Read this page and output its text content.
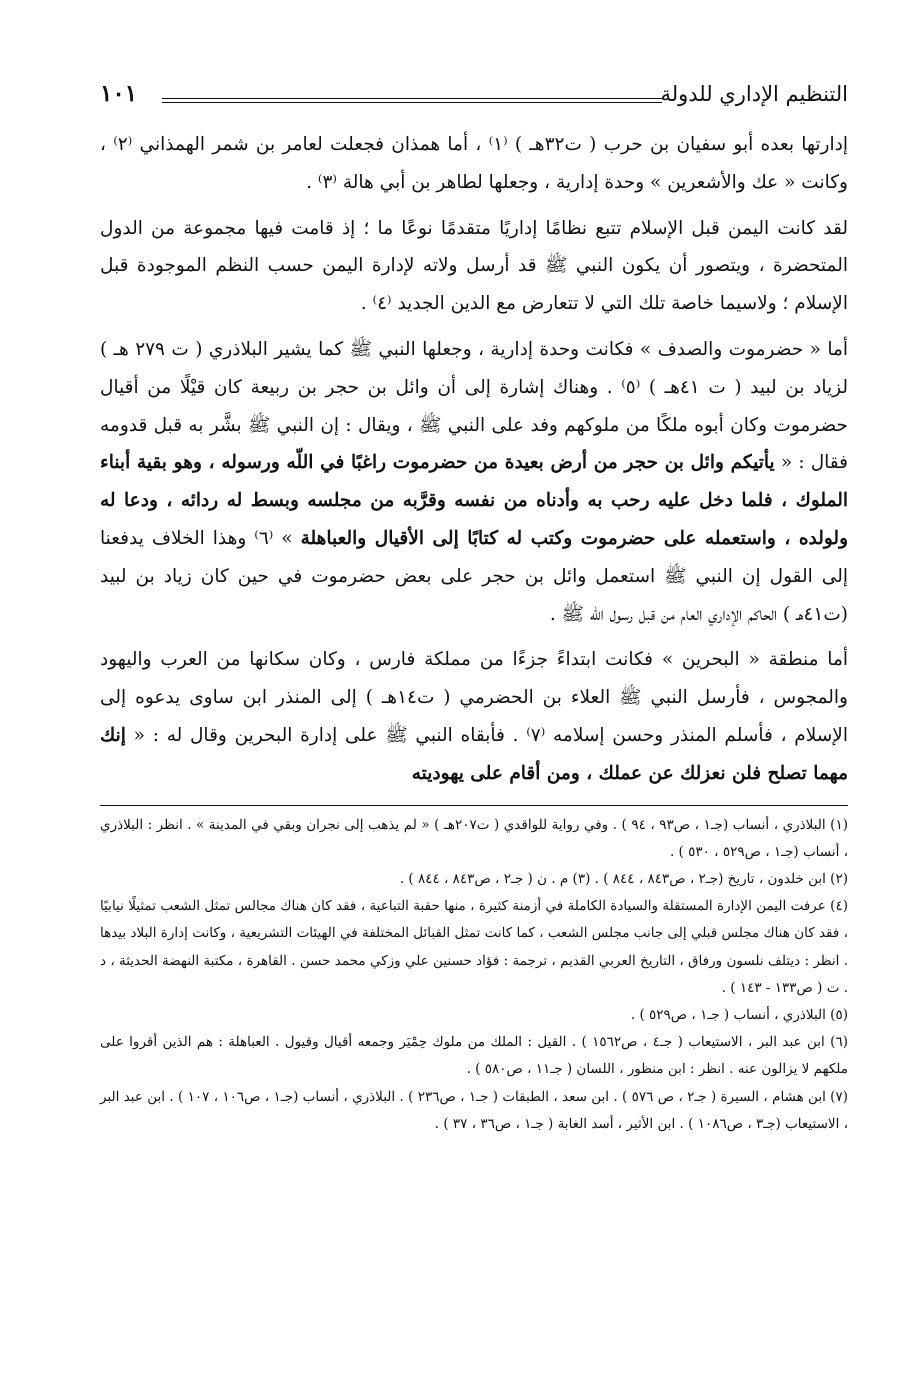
التنظيم الإداري للدولة
١٠١

إدارتها بعده أبو سفيان بن حرب ( ت٣٢هـ ) ⁽١⁾ ، أما همذان فجعلت لعامر بن شمر الهمذاني ⁽٢⁾ ، وكانت « عك والأشعرين » وحدة إدارية ، وجعلها لطاهر بن أبي هالة ⁽٣⁾ .

لقد كانت اليمن قبل الإسلام تتبع نظامًا إداريًا متقدمًا نوعًا ما ؛ إذ قامت فيها مجموعة من الدول المتحضرة ، ويتصور أن يكون النبي ﷺ قد أرسل ولاته لإدارة اليمن حسب النظم الموجودة قبل الإسلام ؛ ولاسيما خاصة تلك التي لا تتعارض مع الدين الجديد ⁽٤⁾ .

أما « حضرموت والصدف » فكانت وحدة إدارية ، وجعلها النبي ﷺ كما يشير البلاذري ( ت ٢٧٩ هـ ) لزياد بن لبيد ( ت ٤١هـ ) ⁽٥⁾ . وهناك إشارة إلى أن وائل بن حجر بن ربيعة كان قيْلًا من أقيال حضرموت وكان أبوه ملكًا من ملوكهم وفد على النبي ﷺ ، ويقال : إن النبي ﷺ بشَّر به قبل قدومه فقال : « يأتيكم وائل بن حجر من أرض بعيدة من حضرموت راغبًا في اللّه ورسوله ، وهو بقية أبناء الملوك ، فلما دخل عليه رحب به وأدناه من نفسه وقرَّبه من مجلسه وبسط له ردائه ، ودعا له ولولده ، واستعمله على حضرموت وكتب له كتابًا إلى الأقيال والعباهلة » ⁽٦⁾ وهذا الخلاف يدفعنا إلى القول إن النبي ﷺ استعمل وائل بن حجر على بعض حضرموت في حين كان زياد بن لبيد (ت٤١هـ ) الحاكم الإداري العام من قبل رسول اللّه ﷺ .

أما منطقة « البحرين » فكانت ابتداءً جزءًا من مملكة فارس ، وكان سكانها من العرب واليهود والمجوس ، فأرسل النبي ﷺ العلاء بن الحضرمي ( ت١٤هـ ) إلى المنذر ابن ساوى يدعوه إلى الإسلام ، فأسلم المنذر وحسن إسلامه ⁽٧⁾ . فأبقاه النبي ﷺ على إدارة البحرين وقال له : « إنك مهما تصلح فلن نعزلك عن عملك ، ومن أقام على يهوديته

(١) البلاذري ، أنساب (جـ١ ، ص٩٣ ، ٩٤ ) . وفي رواية للواقدي ( ت٢٠٧هـ ) « لم يذهب إلى نجران وبقي في المدينة » . انظر : البلاذري ، أنساب (جـ١ ، ص٥٢٩ ، ٥٣٠ ) .

(٢) ابن خلدون ، تاريخ (جـ٢ ، ص٨٤٣ ، ٨٤٤ ) . (٣) م . ن ( جـ٢ ، ص٨٤٣ ، ٨٤٤ ) .

(٤) عرفت اليمن الإدارة المستقلة والسيادة الكاملة في أزمنة كثيرة ، منها حقبة التباعية ، فقد كان هناك مجالس تمثل الشعب تمثيلًا نيابيًا ، فقد كان هناك مجلس قبلي إلى جانب مجلس الشعب ، كما كانت تمثل القبائل المختلفة في الهيئات التشريعية ، وكانت إدارة البلاد بيدها . انظر : ديتلف نلسون ورفاق ، التاريخ العربي القديم ، ترجمة : فؤاد حسنين علي وزكي محمد حسن . القاهرة ، مكتبة النهضة الحديثة ، د . ت ( ص١٣٣ - ١٤٣ ) .

(٥) البلاذري ، أنساب ( جـ١ ، ص٥٢٩ ) .

(٦) ابن عبد البر ، الاستيعاب ( جـ٤ ، ص١٥٦٢ ) . القيل : الملك من ملوك حِمْيَر وجمعه أقيال وقيول . العباهلة : هم الذين أقروا على ملكهم لا يزالون عنه . انظر : ابن منظور ، اللسان ( جـ١١ ، ص٥٨٠ ) .

(٧) ابن هشام ، السيرة ( جـ٢ ، ص ٥٧٦ ) . ابن سعد ، الطبقات ( جـ١ ، ص٢٣٦ ) . البلاذري ، أنساب (جـ١ ، ص١٠٦ ، ١٠٧ ) . ابن عبد البر ، الاستيعاب (جـ٣ ، ص١٠٨٦ ) . ابن الأثير ، أسد الغابة ( جـ١ ، ص٣٦ ، ٣٧ ) .
